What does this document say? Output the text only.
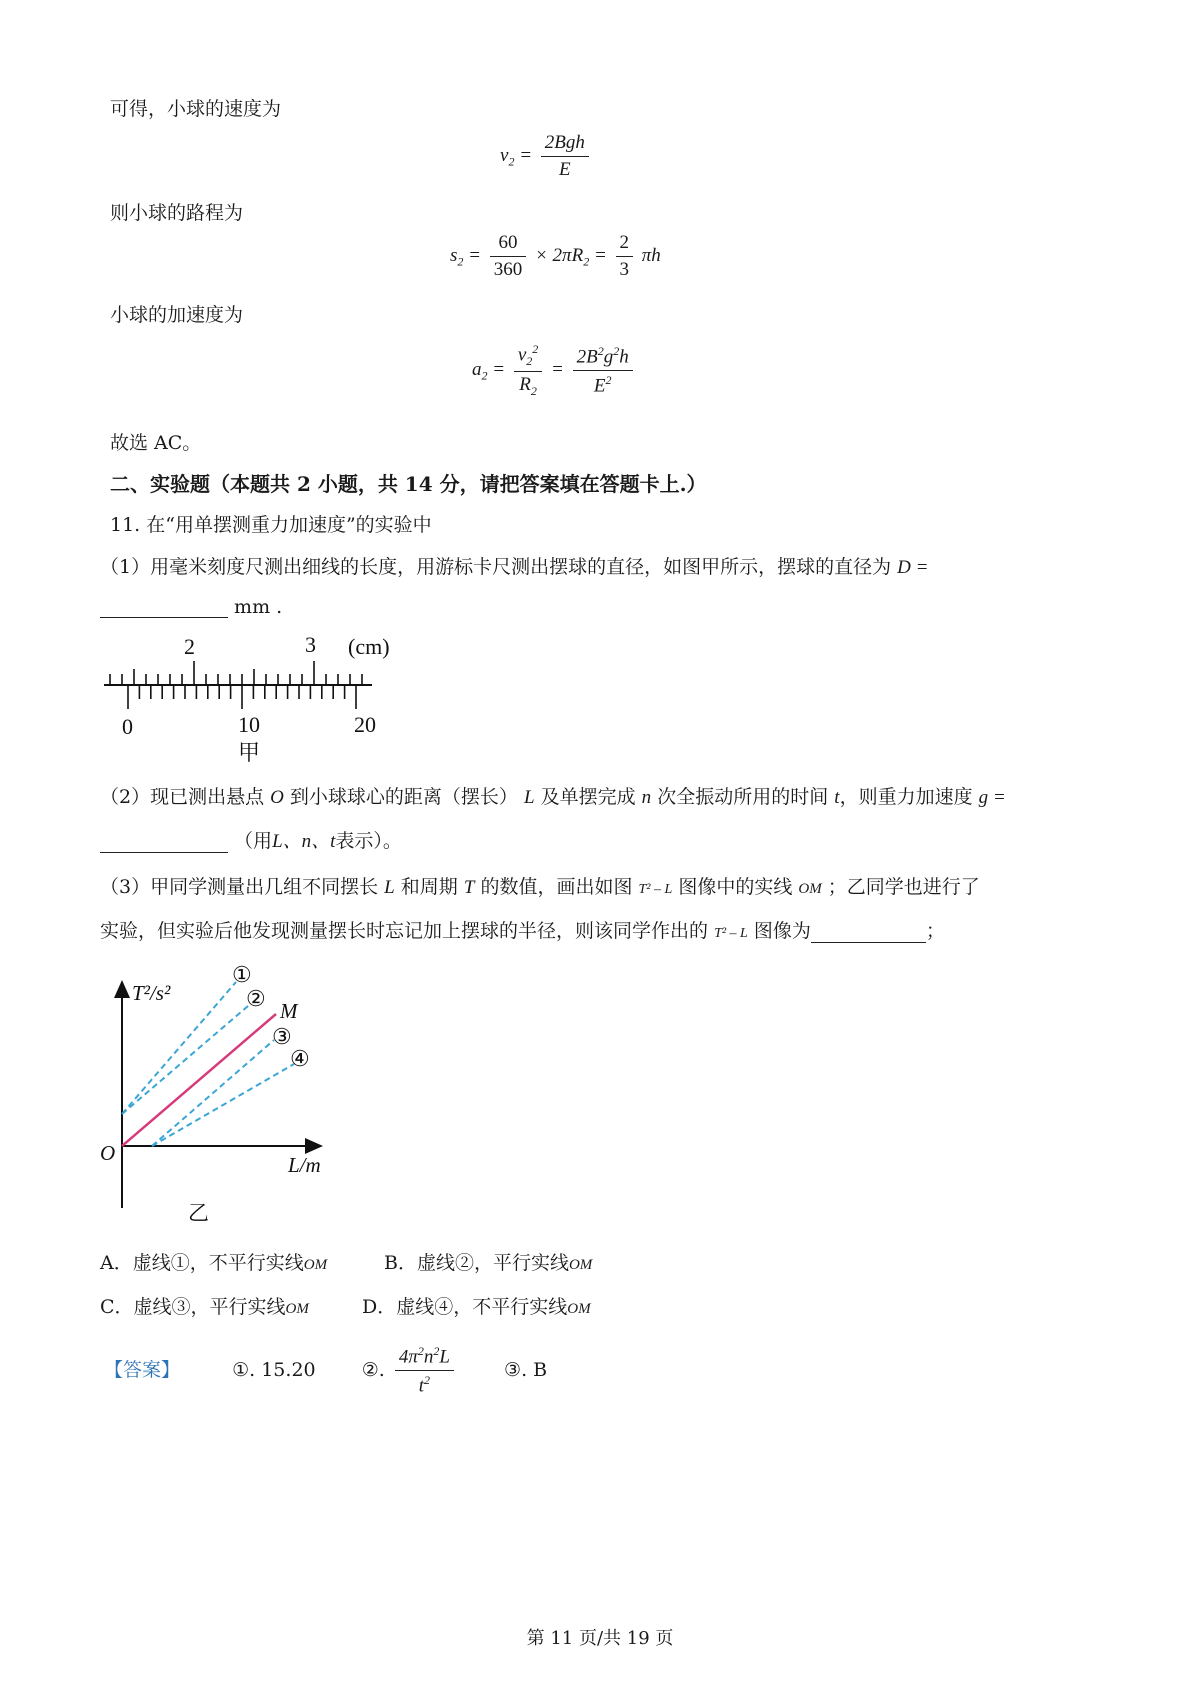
可得，小球的速度为
$v_2 = \frac{\text{2Bgh}}{E}$
则小球的路程为
$s_2 = \frac{60}{360} \times 2\pi R_2 = \frac{2}{3}$ πh
小球的加速度为
$a_2 = \frac{v_2^2}{R_2} = \frac{2B^2g^2h}{E^2}$
故选 AC。
二、实验题（本题共 2 小题，共 14 分，请把答案填在答题卡上.）
11. 在“用单摆测重力加速度”的实验中
（1）用毫米刻度尺测出细线的长度，用游标卡尺测出摆球的直径，如图甲所示，摆球的直径为 D =
mm .
2	3 (cm)
0	10	20
甲
（2）现已测出悬点 O 到小球球心的距离（摆长） L 及单摆完成 n 次全振动所用的时间 t，则重力加速度 g =
（用L、n、t表示）。
（3）甲同学测量出几组不同摆长 L 和周期 T 的数值，画出如图 T² – L 图像中的实线 OM ；乙同学也进行了
实验，但实验后他发现测量摆长时忘记加上摆球的半径，则该同学作出的 T² – L 图像为	；
T²/s²
L/m
O
M
①
②
③
④
乙
A．虚线①，不平行实线OM	B．虚线②，平行实线OM
C．虚线③，平行实线OM	D．虚线④，不平行实线OM
【答案】	①. 15.20 ②. $\frac{4\pi^2n^2L}{t^2}$	③. B
第 11 页/共 19 页
